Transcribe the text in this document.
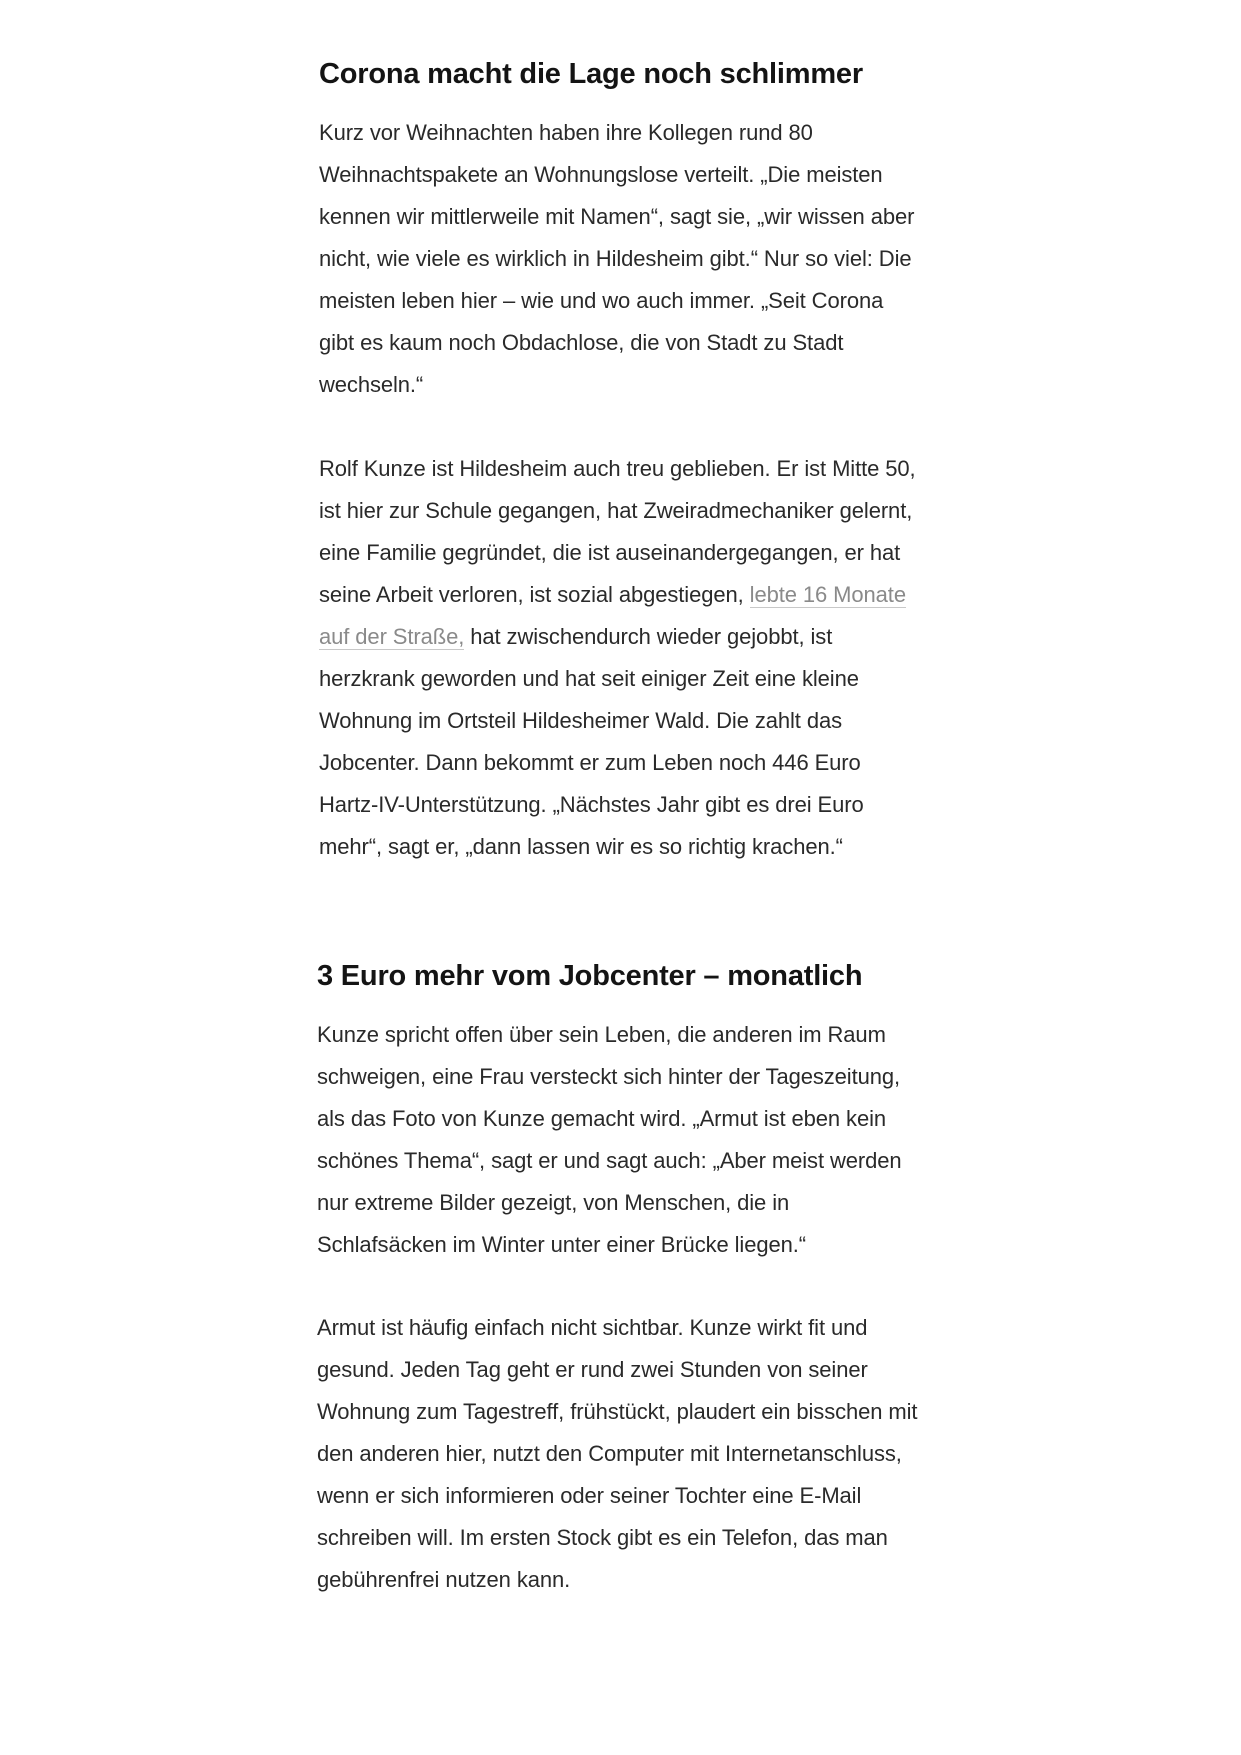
Corona macht die Lage noch schlimmer

Kurz vor Weihnachten haben ihre Kollegen rund 80 Weihnachtspakete an Wohnungslose verteilt. „Die meisten kennen wir mittlerweile mit Namen“, sagt sie, „wir wissen aber nicht, wie viele es wirklich in Hildesheim gibt.“ Nur so viel: Die meisten leben hier – wie und wo auch immer. „Seit Corona gibt es kaum noch Obdachlose, die von Stadt zu Stadt wechseln.“

Rolf Kunze ist Hildesheim auch treu geblieben. Er ist Mitte 50, ist hier zur Schule gegangen, hat Zweiradmechaniker gelernt, eine Familie gegründet, die ist auseinandergegangen, er hat seine Arbeit verloren, ist sozial abgestiegen, lebte 16 Monate auf der Straße, hat zwischendurch wieder gejobbt, ist herzkrank geworden und hat seit einiger Zeit eine kleine Wohnung im Ortsteil Hildesheimer Wald. Die zahlt das Jobcenter. Dann bekommt er zum Leben noch 446 Euro Hartz-IV-Unterstützung. „Nächstes Jahr gibt es drei Euro mehr“, sagt er, „dann lassen wir es so richtig krachen.“

3 Euro mehr vom Jobcenter – monatlich

Kunze spricht offen über sein Leben, die anderen im Raum schweigen, eine Frau versteckt sich hinter der Tageszeitung, als das Foto von Kunze gemacht wird. „Armut ist eben kein schönes Thema“, sagt er und sagt auch: „Aber meist werden nur extreme Bilder gezeigt, von Menschen, die in Schlafsäcken im Winter unter einer Brücke liegen.“

Armut ist häufig einfach nicht sichtbar. Kunze wirkt fit und gesund. Jeden Tag geht er rund zwei Stunden von seiner Wohnung zum Tagestreff, frühstückt, plaudert ein bisschen mit den anderen hier, nutzt den Computer mit Internetanschluss, wenn er sich informieren oder seiner Tochter eine E-Mail schreiben will. Im ersten Stock gibt es ein Telefon, das man gebührenfrei nutzen kann.
